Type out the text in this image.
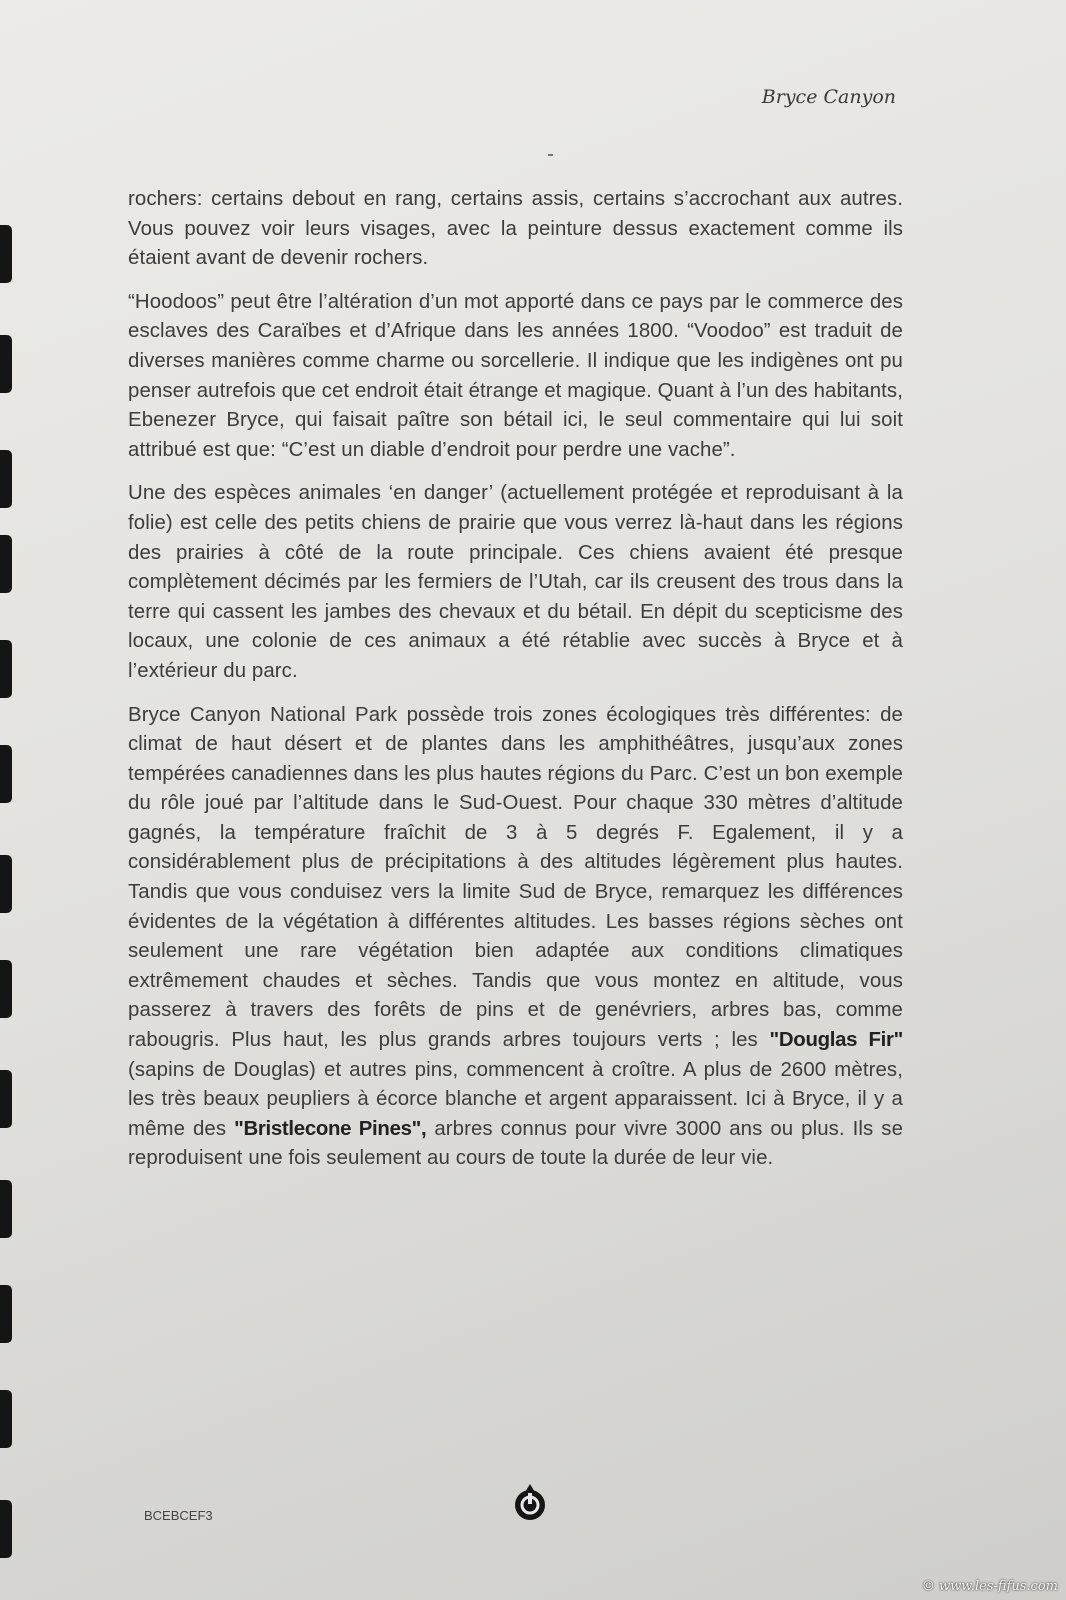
Bryce Canyon

rochers: certains debout en rang, certains assis, certains s’accrochant aux autres. Vous pouvez voir leurs visages, avec la peinture dessus exactement comme ils étaient avant de devenir rochers.

“Hoodoos” peut être l’altération d’un mot apporté dans ce pays par le commerce des esclaves des Caraïbes et d’Afrique dans les années 1800. “Voodoo” est traduit de diverses manières comme charme ou sorcellerie. Il indique que les indigènes ont pu penser autrefois que cet endroit était étrange et magique. Quant à l’un des habitants, Ebenezer Bryce, qui faisait paître son bétail ici, le seul commentaire qui lui soit attribué est que: “C’est un diable d’endroit pour perdre une vache”.

Une des espèces animales ‘en danger’ (actuellement protégée et reproduisant à la folie) est celle des petits chiens de prairie que vous verrez là-haut dans les régions des prairies à côté de la route principale. Ces chiens avaient été presque complètement décimés par les fermiers de l’Utah, car ils creusent des trous dans la terre qui cassent les jambes des chevaux et du bétail. En dépit du scepticisme des locaux, une colonie de ces animaux a été rétablie avec succès à Bryce et à l’extérieur du parc.

Bryce Canyon National Park possède trois zones écologiques très différentes: de climat de haut désert et de plantes dans les amphithéâtres, jusqu’aux zones tempérées canadiennes dans les plus hautes régions du Parc. C’est un bon exemple du rôle joué par l’altitude dans le Sud-Ouest. Pour chaque 330 mètres d’altitude gagnés, la température fraîchit de 3 à 5 degrés F. Egalement, il y a considérablement plus de précipitations à des altitudes légèrement plus hautes. Tandis que vous conduisez vers la limite Sud de Bryce, remarquez les différences évidentes de la végétation à différentes altitudes. Les basses régions sèches ont seulement une rare végétation bien adaptée aux conditions climatiques extrêmement chaudes et sèches. Tandis que vous montez en altitude, vous passerez à travers des forêts de pins et de genévriers, arbres bas, comme rabougris. Plus haut, les plus grands arbres toujours verts ; les "Douglas Fir" (sapins de Douglas) et autres pins, commencent à croître. A plus de 2600 mètres, les très beaux peupliers à écorce blanche et argent apparaissent. Ici à Bryce, il y a même des "Bristlecone Pines", arbres connus pour vivre 3000 ans ou plus. Ils se reproduisent une fois seulement au cours de toute la durée de leur vie.

BCEBCEF3
© www.les-fifus.com
